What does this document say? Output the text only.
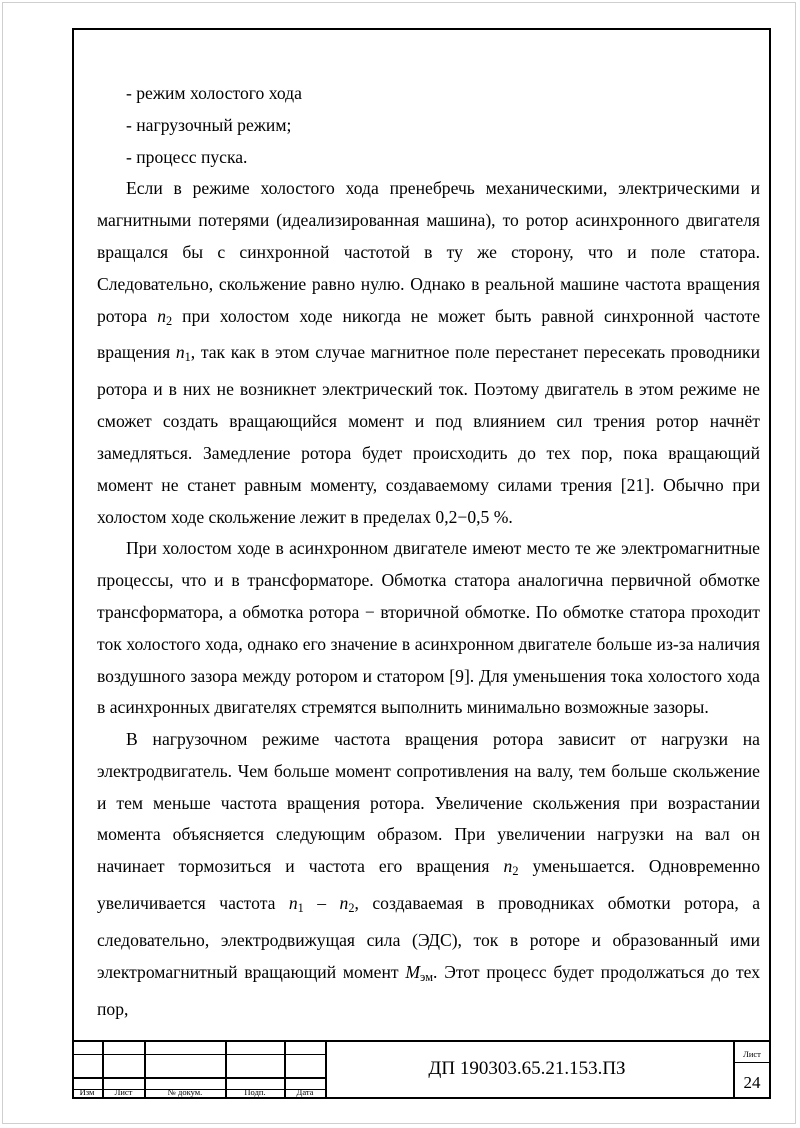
- режим холостого хода

- нагрузочный режим;

- процесс пуска.

Если в режиме холостого хода пренебречь механическими, электрическими и магнитными потерями (идеализированная машина), то ротор асинхронного двигателя вращался бы с синхронной частотой в ту же сторону, что и поле статора. Следовательно, скольжение равно нулю. Однако в реальной машине частота вращения ротора $n_2$ при холостом ходе никогда не может быть равной синхронной частоте вращения $n_1$, так как в этом случае магнитное поле перестанет пересекать проводники ротора и в них не возникнет электрический ток. Поэтому двигатель в этом режиме не сможет создать вращающийся момент и под влиянием сил трения ротор начнёт замедляться. Замедление ротора будет происходить до тех пор, пока вращающий момент не станет равным моменту, создаваемому силами трения [21]. Обычно при холостом ходе скольжение лежит в пределах 0,2−0,5 %.

При холостом ходе в асинхронном двигателе имеют место те же электромагнитные процессы, что и в трансформаторе. Обмотка статора аналогична первичной обмотке трансформатора, а обмотка ротора − вторичной обмотке. По обмотке статора проходит ток холостого хода, однако его значение в асинхронном двигателе больше из-за наличия воздушного зазора между ротором и статором [9]. Для уменьшения тока холостого хода в асинхронных двигателях стремятся выполнить минимально возможные зазоры.

В нагрузочном режиме частота вращения ротора зависит от нагрузки на электродвигатель. Чем больше момент сопротивления на валу, тем больше скольжение и тем меньше частота вращения ротора. Увеличение скольжения при возрастании момента объясняется следующим образом. При увеличении нагрузки на вал он начинает тормозиться и частота его вращения $n_2$ уменьшается. Одновременно увеличивается частота $n_1 - n_2$, создаваемая в проводниках обмотки ротора, а следовательно, электродвижущая сила (ЭДС), ток в роторе и образованный ими электромагнитный вращающий момент $M_{эм}$. Этот процесс будет продолжаться до тех пор,

Изм	Лист	№ докум.	Подп.	Дата
ДП 190303.65.21.153.ПЗ
Лист
24
